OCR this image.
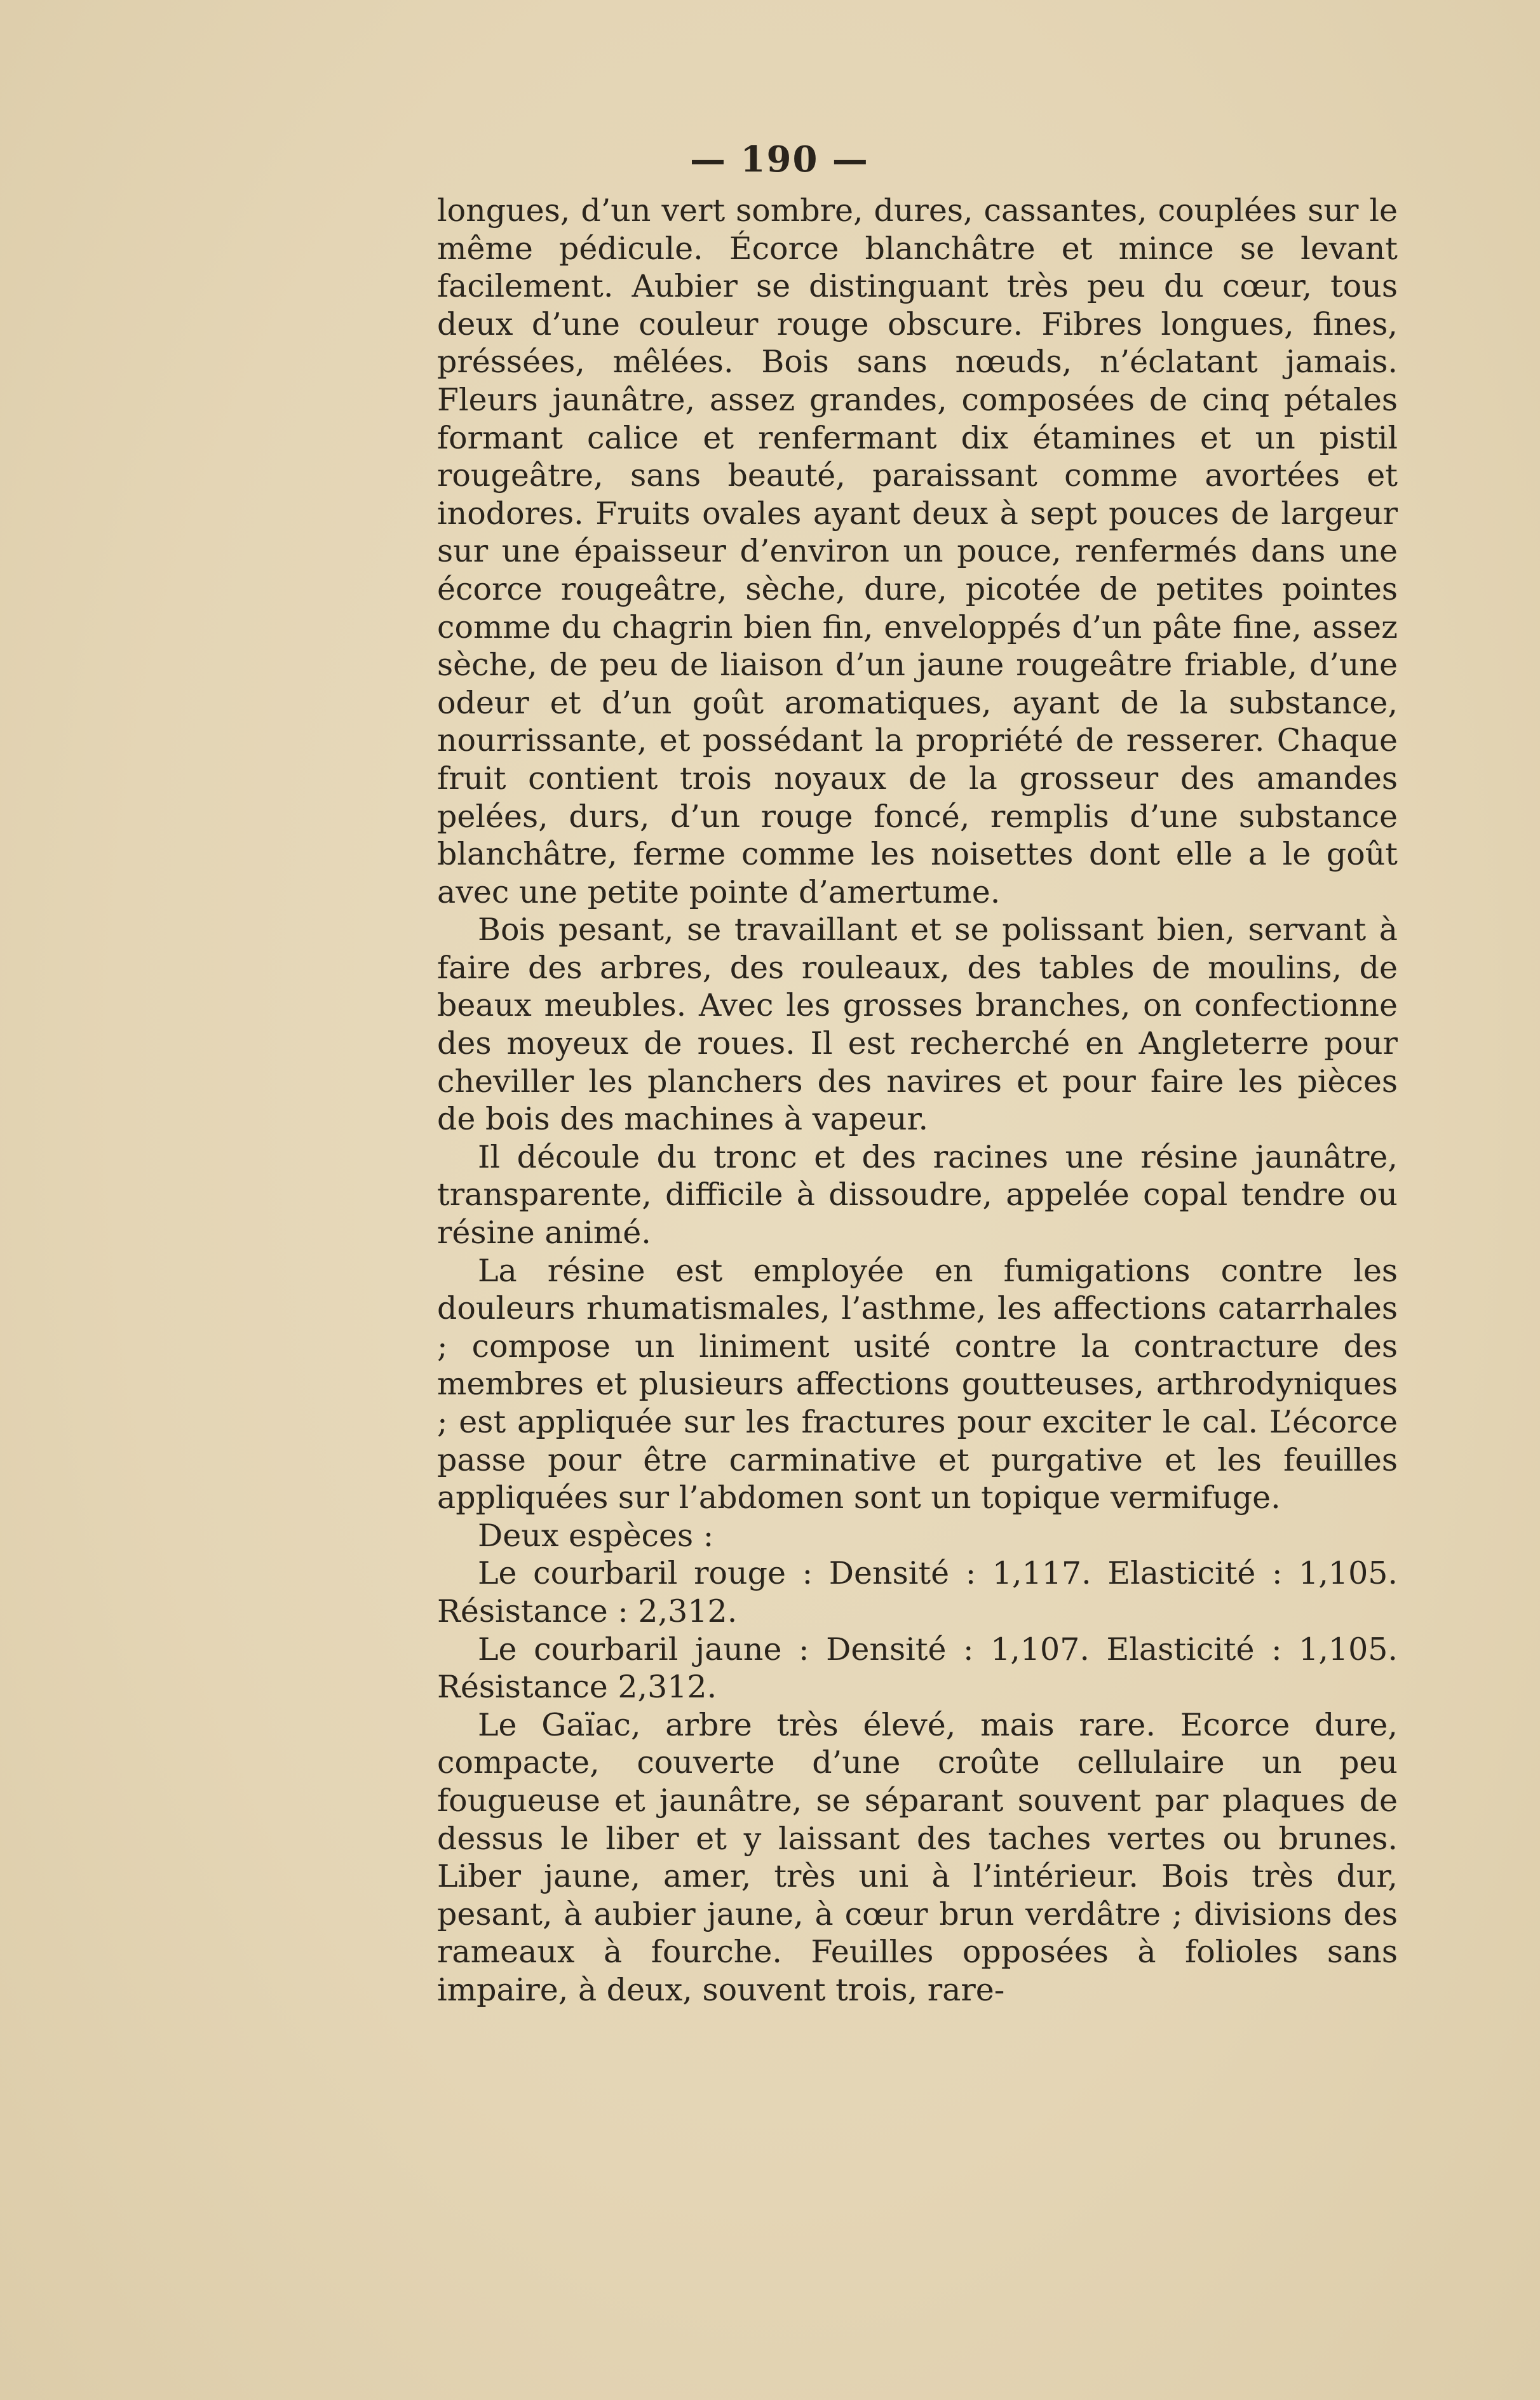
— 190 —

longues, d’un vert sombre, dures, cassantes, couplées sur le même pédicule. Écorce blanchâtre et mince se levant facilement. Aubier se distinguant très peu du cœur, tous deux d’une couleur rouge obscure. Fibres longues, fines, préssées, mêlées. Bois sans nœuds, n’éclatant jamais. Fleurs jaunâtre, assez grandes, composées de cinq pétales formant calice et renfermant dix étamines et un pistil rougeâtre, sans beauté, paraissant comme avortées et inodores. Fruits ovales ayant deux à sept pouces de largeur sur une épaisseur d’environ un pouce, renfermés dans une écorce rougeâtre, sèche, dure, picotée de petites pointes comme du chagrin bien fin, enveloppés d’un pâte fine, assez sèche, de peu de liaison d’un jaune rougeâtre friable, d’une odeur et d’un goût aromatiques, ayant de la substance, nourrissante, et possédant la propriété de resserer. Chaque fruit contient trois noyaux de la grosseur des amandes pelées, durs, d’un rouge foncé, remplis d’une substance blanchâtre, ferme comme les noisettes dont elle a le goût avec une petite pointe d’amertume.

Bois pesant, se travaillant et se polissant bien, servant à faire des arbres, des rouleaux, des tables de moulins, de beaux meubles. Avec les grosses branches, on confectionne des moyeux de roues. Il est recherché en Angleterre pour cheviller les planchers des navires et pour faire les pièces de bois des machines à vapeur.

Il découle du tronc et des racines une résine jaunâtre, transparente, difficile à dissoudre, appelée copal tendre ou résine animé.

La résine est employée en fumigations contre les douleurs rhumatismales, l’asthme, les affections catarrhales ; compose un liniment usité contre la contracture des membres et plusieurs affections goutteuses, arthrodyniques ; est appliquée sur les fractures pour exciter le cal. L’écorce passe pour être carminative et purgative et les feuilles appliquées sur l’abdomen sont un topique vermifuge.

Deux espèces :

Le courbaril rouge : Densité : 1,117. Elasticité : 1,105. Résistance : 2,312.

Le courbaril jaune : Densité : 1,107. Elasticité : 1,105. Résistance 2,312.

Le Gaïac, arbre très élevé, mais rare. Ecorce dure, compacte, couverte d’une croûte cellulaire un peu fougueuse et jaunâtre, se séparant souvent par plaques de dessus le liber et y laissant des taches vertes ou brunes. Liber jaune, amer, très uni à l’intérieur. Bois très dur, pesant, à aubier jaune, à cœur brun verdâtre ; divisions des rameaux à fourche. Feuilles opposées à folioles sans impaire, à deux, souvent trois, rare-
